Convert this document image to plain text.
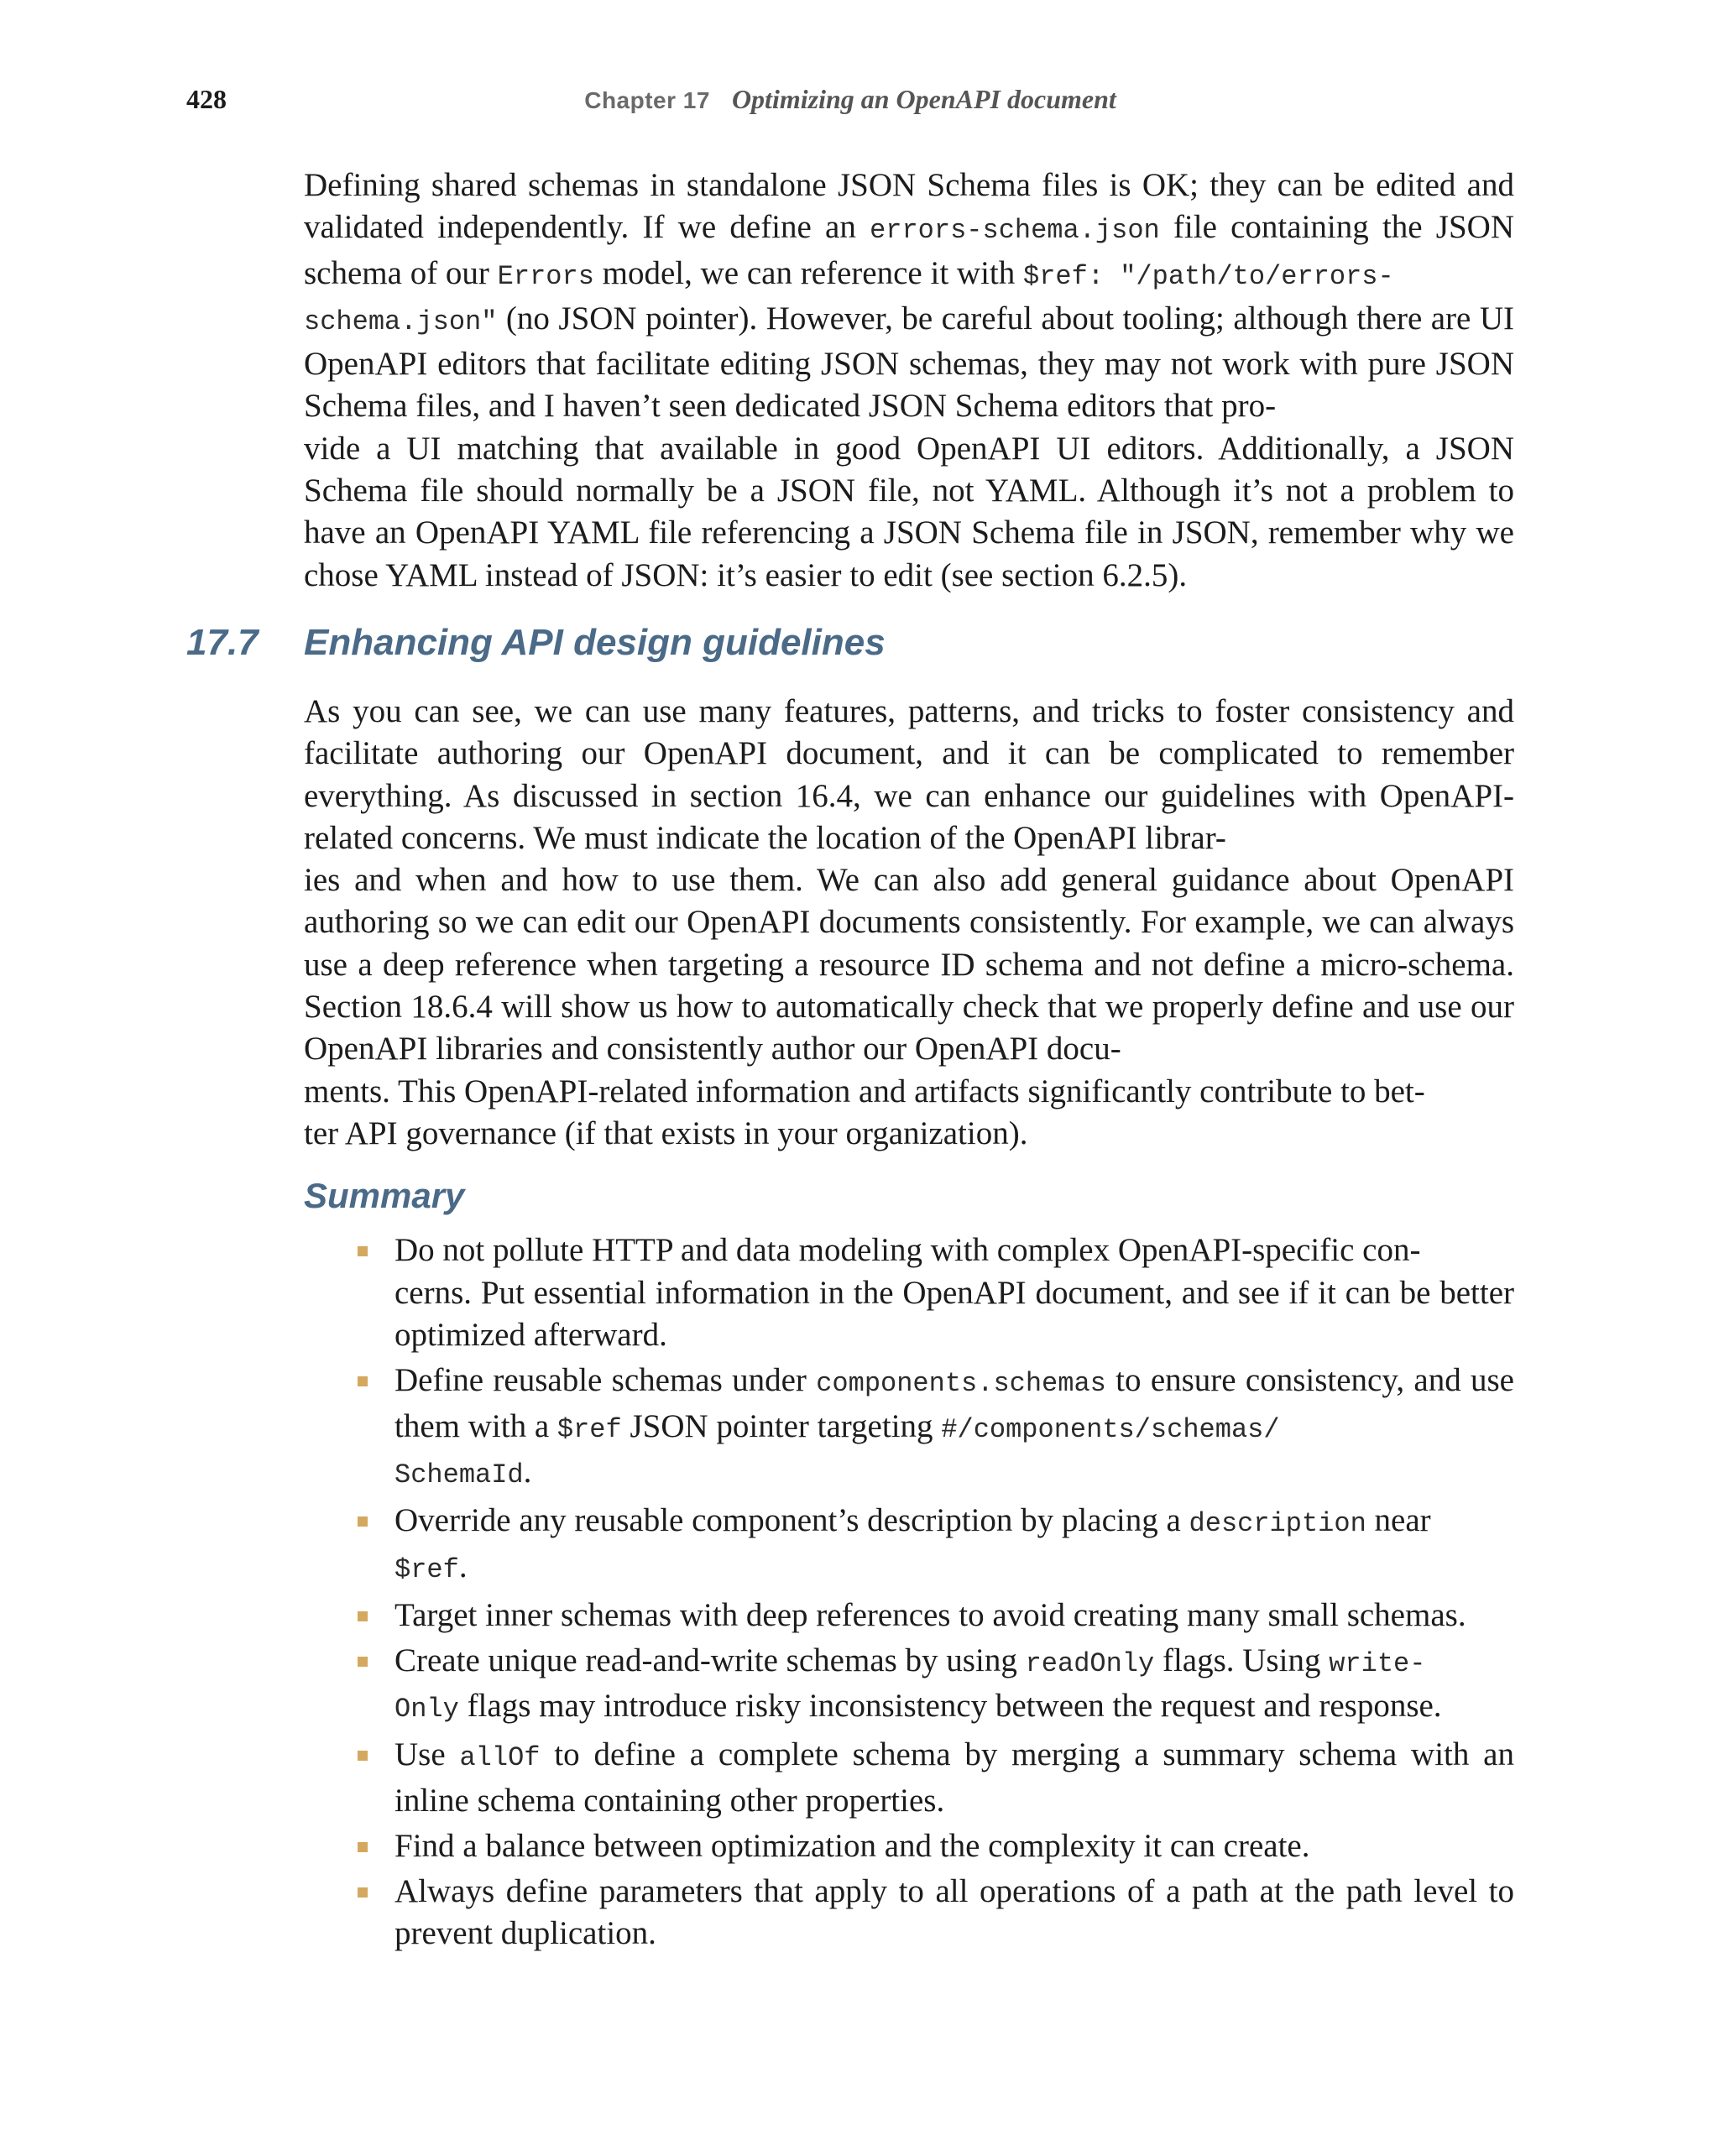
428	Chapter 17 Optimizing an OpenAPI document

Defining shared schemas in standalone JSON Schema files is OK; they can be edited and validated independently. If we define an errors-schema.json file containing the JSON schema of our Errors model, we can reference it with $ref: "/path/to/errors-
schema.json" (no JSON pointer). However, be careful about tooling; although there are UI OpenAPI editors that facilitate editing JSON schemas, they may not work with pure JSON Schema files, and I haven’t seen dedicated JSON Schema editors that pro-
vide a UI matching that available in good OpenAPI UI editors. Additionally, a JSON Schema file should normally be a JSON file, not YAML. Although it’s not a problem to have an OpenAPI YAML file referencing a JSON Schema file in JSON, remember why we chose YAML instead of JSON: it’s easier to edit (see section 6.2.5).

17.7 Enhancing API design guidelines

As you can see, we can use many features, patterns, and tricks to foster consistency and facilitate authoring our OpenAPI document, and it can be complicated to remember everything. As discussed in section 16.4, we can enhance our guidelines with OpenAPI-related concerns. We must indicate the location of the OpenAPI librar-
ies and when and how to use them. We can also add general guidance about OpenAPI authoring so we can edit our OpenAPI documents consistently. For example, we can always use a deep reference when targeting a resource ID schema and not define a micro-schema. Section 18.6.4 will show us how to automatically check that we properly define and use our OpenAPI libraries and consistently author our OpenAPI docu-
ments. This OpenAPI-related information and artifacts significantly contribute to bet-
ter API governance (if that exists in your organization).

Summary
Do not pollute HTTP and data modeling with complex OpenAPI-specific con-
cerns. Put essential information in the OpenAPI document, and see if it can be better optimized afterward.
Define reusable schemas under components.schemas to ensure consistency, and use them with a $ref JSON pointer targeting #/components/schemas/
SchemaId.
Override any reusable component’s description by placing a description near
$ref.
Target inner schemas with deep references to avoid creating many small schemas.
Create unique read-and-write schemas by using readOnly flags. Using write-
Only flags may introduce risky inconsistency between the request and response.
Use allOf to define a complete schema by merging a summary schema with an inline schema containing other properties.
Find a balance between optimization and the complexity it can create.
Always define parameters that apply to all operations of a path at the path level to prevent duplication.
